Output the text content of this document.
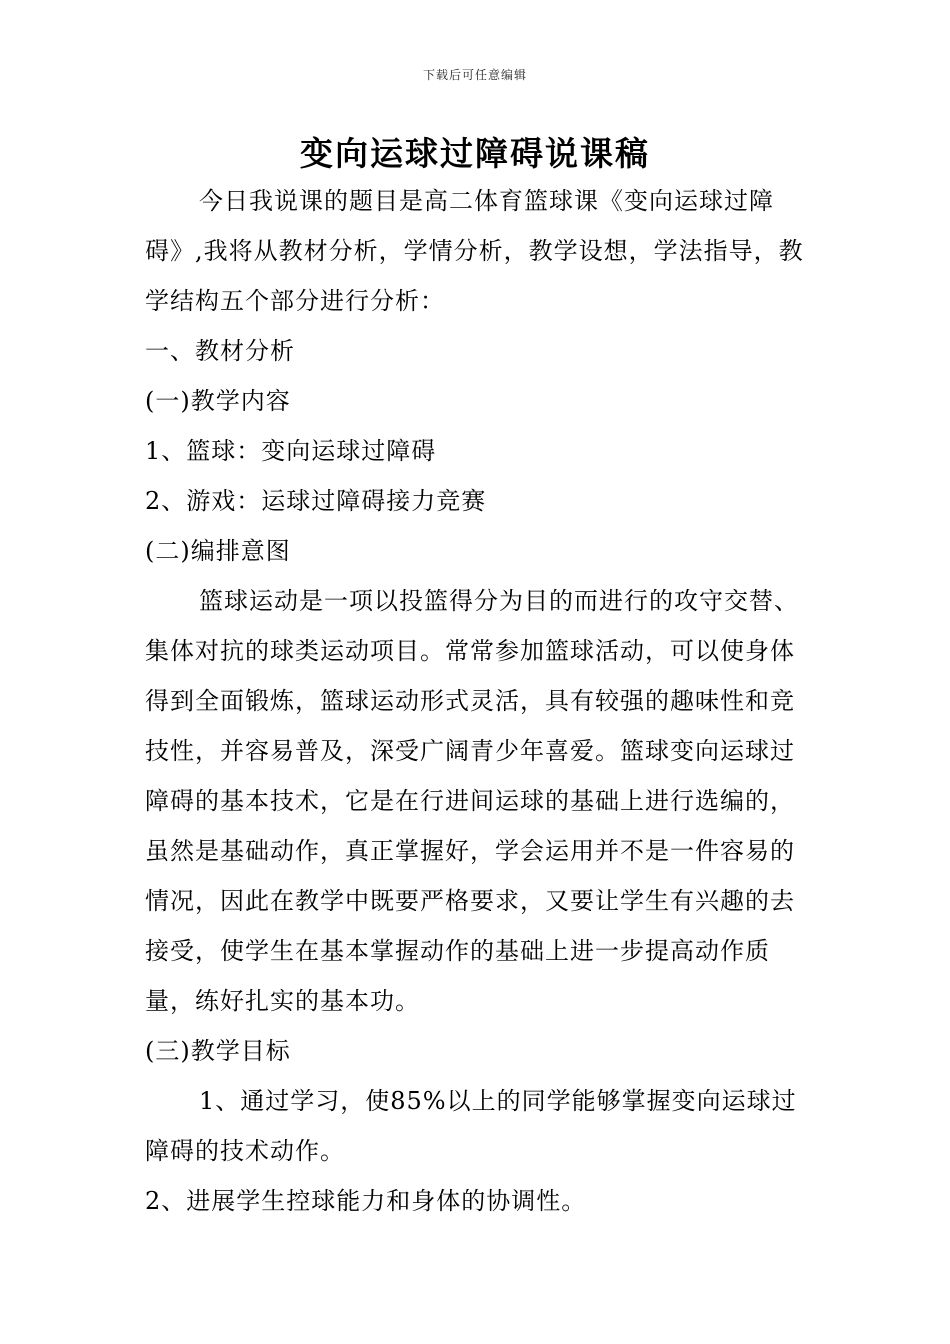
下载后可任意编辑
变向运球过障碍说课稿

今日我说课的题目是高二体育篮球课《变向运球过障碍》,我将从教材分析，学情分析，教学设想，学法指导，教学结构五个部分进行分析：

一、教材分析

(一)教学内容

1、篮球：变向运球过障碍

2、游戏：运球过障碍接力竞赛

(二)编排意图

篮球运动是一项以投篮得分为目的而进行的攻守交替、集体对抗的球类运动项目。常常参加篮球活动，可以使身体得到全面锻炼，篮球运动形式灵活，具有较强的趣味性和竞技性，并容易普及，深受广阔青少年喜爱。篮球变向运球过障碍的基本技术，它是在行进间运球的基础上进行选编的，虽然是基础动作，真正掌握好，学会运用并不是一件容易的情况，因此在教学中既要严格要求，又要让学生有兴趣的去接受，使学生在基本掌握动作的基础上进一步提高动作质量，练好扎实的基本功。

(三)教学目标

1、通过学习，使85%以上的同学能够掌握变向运球过障碍的技术动作。

2、进展学生控球能力和身体的协调性。
